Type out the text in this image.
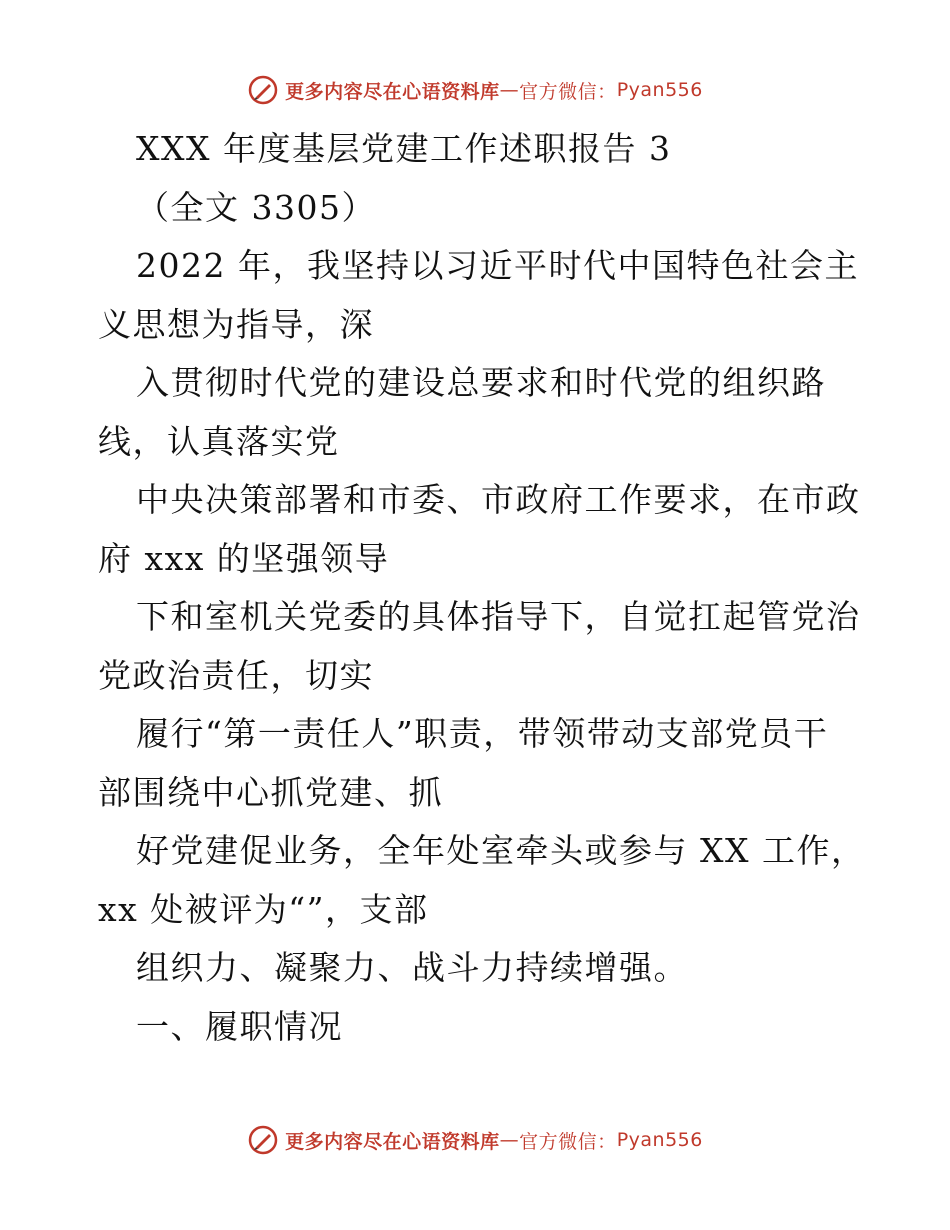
更多内容尽在心语资料库 — 官方微信： Pyan556
XXX 年度基层党建工作述职报告 3
（全文 3305）
2022 年，我坚持以习近平时代中国特色社会主
义思想为指导，深
入贯彻时代党的建设总要求和时代党的组织路
线，认真落实党
中央决策部署和市委、市政府工作要求，在市政
府 xxx 的坚强领导
下和室机关党委的具体指导下，自觉扛起管党治
党政治责任，切实
履行“第一责任人”职责，带领带动支部党员干
部围绕中心抓党建、抓
好党建促业务，全年处室牵头或参与 XX 工作，
xx 处被评为“”，支部
组织力、凝聚力、战斗力持续增强。
一、履职情况
更多内容尽在心语资料库 — 官方微信： Pyan556
